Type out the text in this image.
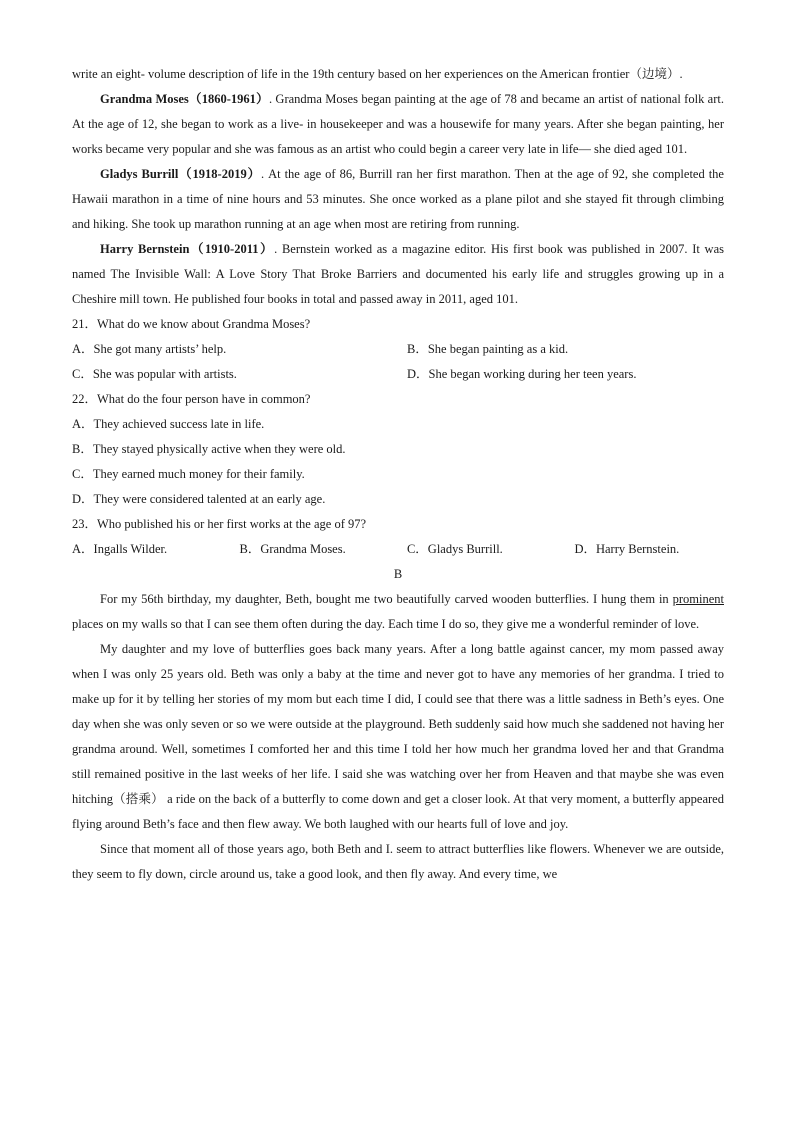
write an eight- volume description of life in the 19th century based on her experiences on the American frontier（边境）.

Grandma Moses（1860-1961）. Grandma Moses began painting at the age of 78 and became an artist of national folk art. At the age of 12, she began to work as a live- in housekeeper and was a housewife for many years. After she began painting, her works became very popular and she was famous as an artist who could begin a career very late in life— she died aged 101.

Gladys Burrill（1918-2019）. At the age of 86, Burrill ran her first marathon. Then at the age of 92, she completed the Hawaii marathon in a time of nine hours and 53 minutes. She once worked as a plane pilot and she stayed fit through climbing and hiking. She took up marathon running at an age when most are retiring from running.

Harry Bernstein（1910-2011）. Bernstein worked as a magazine editor. His first book was published in 2007. It was named The Invisible Wall: A Love Story That Broke Barriers and documented his early life and struggles growing up in a Cheshire mill town. He published four books in total and passed away in 2011, aged 101.

21．What do we know about Grandma Moses?
A．She got many artists’ help.	B．She began painting as a kid.
C．She was popular with artists.	D．She began working during her teen years.
22．What do the four person have in common?
A．They achieved success late in life.
B．They stayed physically active when they were old.
C．They earned much money for their family.
D．They were considered talented at an early age.
23．Who published his or her first works at the age of 97?
A．Ingalls Wilder.	B．Grandma Moses.	C．Gladys Burrill.	D．Harry Bernstein.
B

For my 56th birthday, my daughter, Beth, bought me two beautifully carved wooden butterflies. I hung them in prominent places on my walls so that I can see them often during the day. Each time I do so, they give me a wonderful reminder of love.

My daughter and my love of butterflies goes back many years. After a long battle against cancer, my mom passed away when I was only 25 years old. Beth was only a baby at the time and never got to have any memories of her grandma. I tried to make up for it by telling her stories of my mom but each time I did, I could see that there was a little sadness in Beth’s eyes. One day when she was only seven or so we were outside at the playground. Beth suddenly said how much she saddened not having her grandma around. Well, sometimes I comforted her and this time I told her how much her grandma loved her and that Grandma still remained positive in the last weeks of her life. I said she was watching over her from Heaven and that maybe she was even hitching（搭乘） a ride on the back of a butterfly to come down and get a closer look. At that very moment, a butterfly appeared flying around Beth’s face and then flew away. We both laughed with our hearts full of love and joy.

Since that moment all of those years ago, both Beth and I. seem to attract butterflies like flowers. Whenever we are outside, they seem to fly down, circle around us, take a good look, and then fly away. And every time, we
